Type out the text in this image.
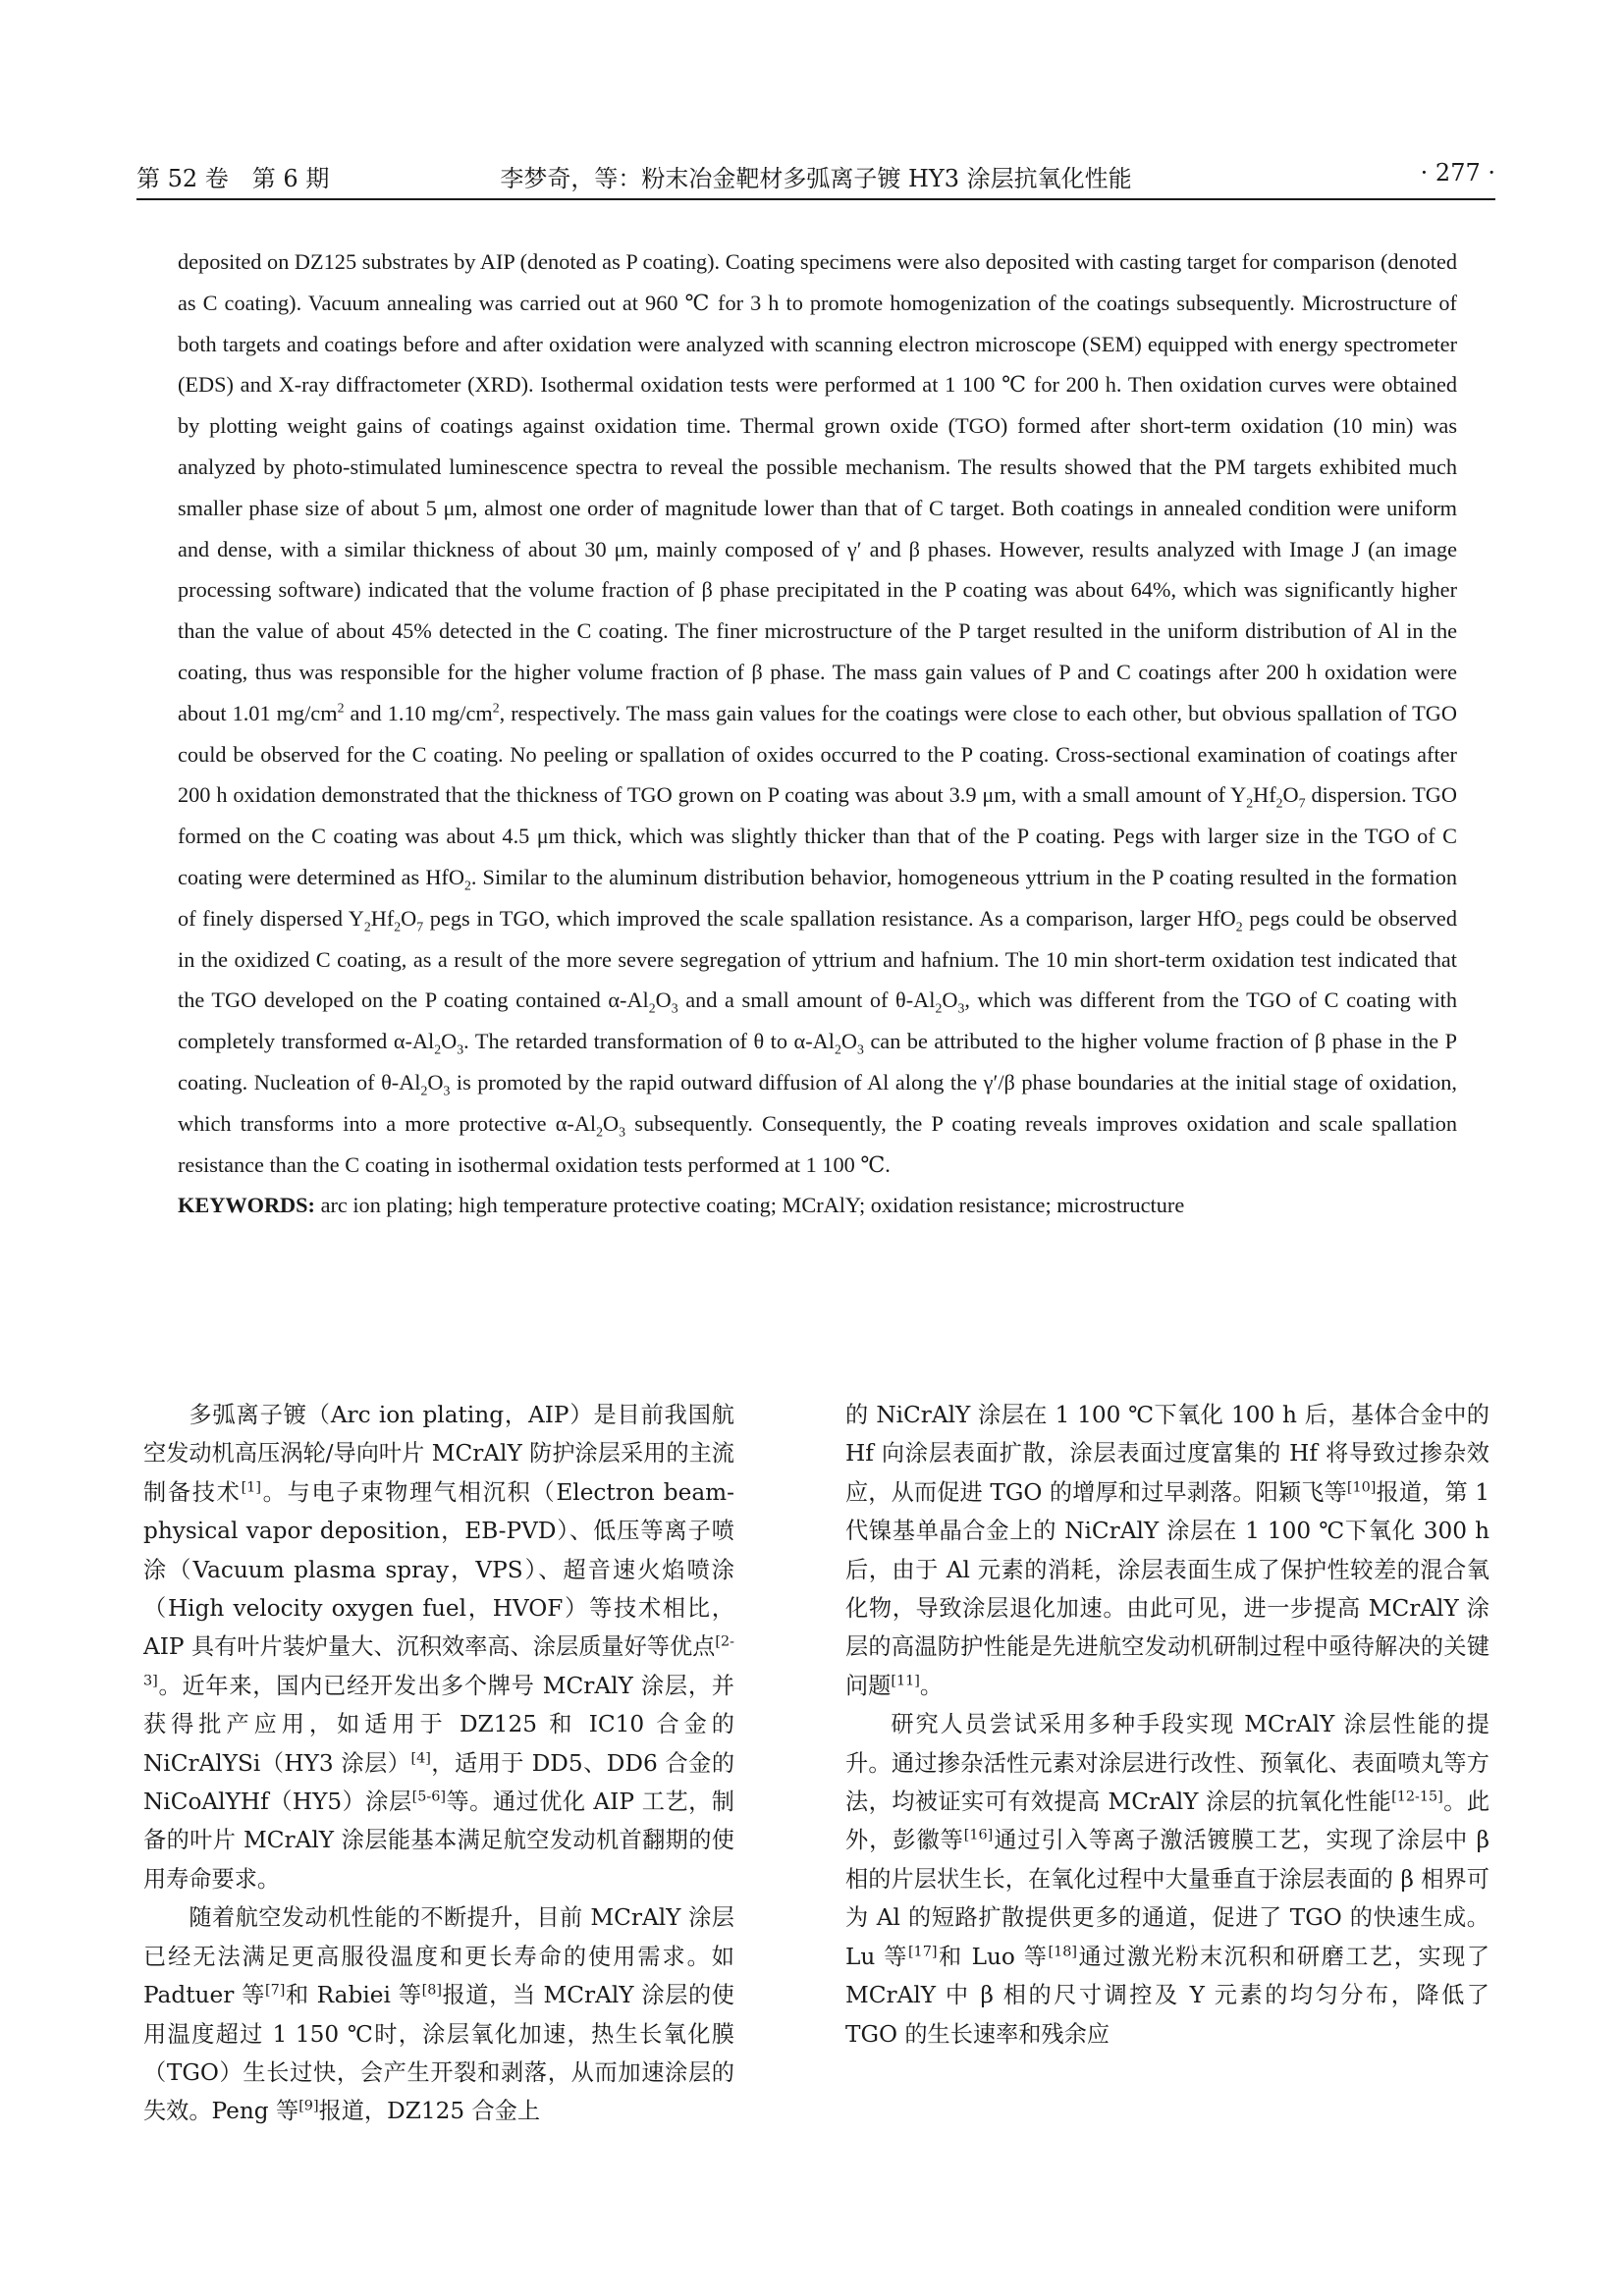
第 52 卷　第 6 期	李梦奇，等：粉末冶金靶材多弧离子镀 HY3 涂层抗氧化性能	· 277 ·

deposited on DZ125 substrates by AIP (denoted as P coating). Coating specimens were also deposited with casting target for comparison (denoted as C coating). Vacuum annealing was carried out at 960 ℃ for 3 h to promote homogenization of the coatings subsequently. Microstructure of both targets and coatings before and after oxidation were analyzed with scanning electron microscope (SEM) equipped with energy spectrometer (EDS) and X-ray diffractometer (XRD). Isothermal oxidation tests were performed at 1 100 ℃ for 200 h. Then oxidation curves were obtained by plotting weight gains of coatings against oxidation time. Thermal grown oxide (TGO) formed after short-term oxidation (10 min) was analyzed by photo-stimulated luminescence spectra to reveal the possible mechanism. The results showed that the PM targets exhibited much smaller phase size of about 5 μm, almost one order of magnitude lower than that of C target. Both coatings in annealed condition were uniform and dense, with a similar thickness of about 30 μm, mainly composed of γ′ and β phases. However, results analyzed with Image J (an image processing software) indicated that the volume fraction of β phase precipitated in the P coating was about 64%, which was significantly higher than the value of about 45% detected in the C coating. The finer microstructure of the P target resulted in the uniform distribution of Al in the coating, thus was responsible for the higher volume fraction of β phase. The mass gain values of P and C coatings after 200 h oxidation were about 1.01 $mg/cm^2$ and 1.10 $mg/cm^2$, respectively. The mass gain values for the coatings were close to each other, but obvious spallation of TGO could be observed for the C coating. No peeling or spallation of oxides occurred to the P coating. Cross-sectional examination of coatings after 200 h oxidation demonstrated that the thickness of TGO grown on P coating was about 3.9 μm, with a small amount of $Y_2Hf_2O_7$ dispersion. TGO formed on the C coating was about 4.5 μm thick, which was slightly thicker than that of the P coating. Pegs with larger size in the TGO of C coating were determined as HfO$_2$. Similar to the aluminum distribution behavior, homogeneous yttrium in the P coating resulted in the formation of finely dispersed $Y_2Hf_2O_7$ pegs in TGO, which improved the scale spallation resistance. As a comparison, larger HfO$_2$ pegs could be observed in the oxidized C coating, as a result of the more severe segregation of yttrium and hafnium. The 10 min short-term oxidation test indicated that the TGO developed on the P coating contained $\alpha-Al_2O_3$ and a small amount of $\theta-Al_2O_3$, which was different from the TGO of C coating with completely transformed $\alpha-Al_2O_3$. The retarded transformation of θ to $\alpha-Al_2O_3$ can be attributed to the higher volume fraction of β phase in the P coating. Nucleation of $\theta-Al_2O_3$ is promoted by the rapid outward diffusion of Al along the γ′/β phase boundaries at the initial stage of oxidation, which transforms into a more protective $\alpha-Al_2O_3$ subsequently. Consequently, the P coating reveals improves oxidation and scale spallation resistance than the C coating in isothermal oxidation tests performed at 1 100 ℃.

KEYWORDS: arc ion plating; high temperature protective coating; MCrAlY; oxidation resistance; microstructure

多弧离子镀（Arc ion plating，AIP）是目前我国航空发动机高压涡轮/导向叶片 MCrAlY 防护涂层采用的主流制备技术[1]。与电子束物理气相沉积（Electron beam-physical vapor deposition，EB-PVD）、低压等离子喷涂（Vacuum plasma spray，VPS）、超音速火焰喷涂（High velocity oxygen fuel，HVOF）等技术相比，AIP 具有叶片装炉量大、沉积效率高、涂层质量好等优点[2-3]。近年来，国内已经开发出多个牌号 MCrAlY 涂层，并获得批产应用，如适用于 DZ125 和 IC10 合金的 NiCrAlYSi（HY3 涂层）[4]，适用于 DD5、DD6 合金的NiCoAlYHf（HY5）涂层[5-6]等。通过优化 AIP 工艺，制备的叶片 MCrAlY 涂层能基本满足航空发动机首翻期的使用寿命要求。

随着航空发动机性能的不断提升，目前 MCrAlY 涂层已经无法满足更高服役温度和更长寿命的使用需求。如 Padtuer 等[7]和 Rabiei 等[8]报道，当 MCrAlY 涂层的使用温度超过 1 150 ℃时，涂层氧化加速，热生长氧化膜（TGO）生长过快，会产生开裂和剥落，从而加速涂层的失效。Peng 等[9]报道，DZ125 合金上

的 NiCrAlY 涂层在 1 100 ℃下氧化 100 h 后，基体合金中的 Hf 向涂层表面扩散，涂层表面过度富集的 Hf 将导致过掺杂效应，从而促进 TGO 的增厚和过早剥落。阳颖飞等[10]报道，第 1 代镍基单晶合金上的 NiCrAlY 涂层在 1 100 ℃下氧化 300 h 后，由于 Al 元素的消耗，涂层表面生成了保护性较差的混合氧化物，导致涂层退化加速。由此可见，进一步提高 MCrAlY 涂层的高温防护性能是先进航空发动机研制过程中亟待解决的关键问题[11]。

研究人员尝试采用多种手段实现 MCrAlY 涂层性能的提升。通过掺杂活性元素对涂层进行改性、预氧化、表面喷丸等方法，均被证实可有效提高 MCrAlY 涂层的抗氧化性能[12-15]。此外，彭徽等[16]通过引入等离子激活镀膜工艺，实现了涂层中 β 相的片层状生长，在氧化过程中大量垂直于涂层表面的 β 相界可为 Al 的短路扩散提供更多的通道，促进了 TGO 的快速生成。Lu 等[17]和 Luo 等[18]通过激光粉末沉积和研磨工艺，实现了 MCrAlY 中 β 相的尺寸调控及 Y 元素的均匀分布，降低了 TGO 的生长速率和残余应
